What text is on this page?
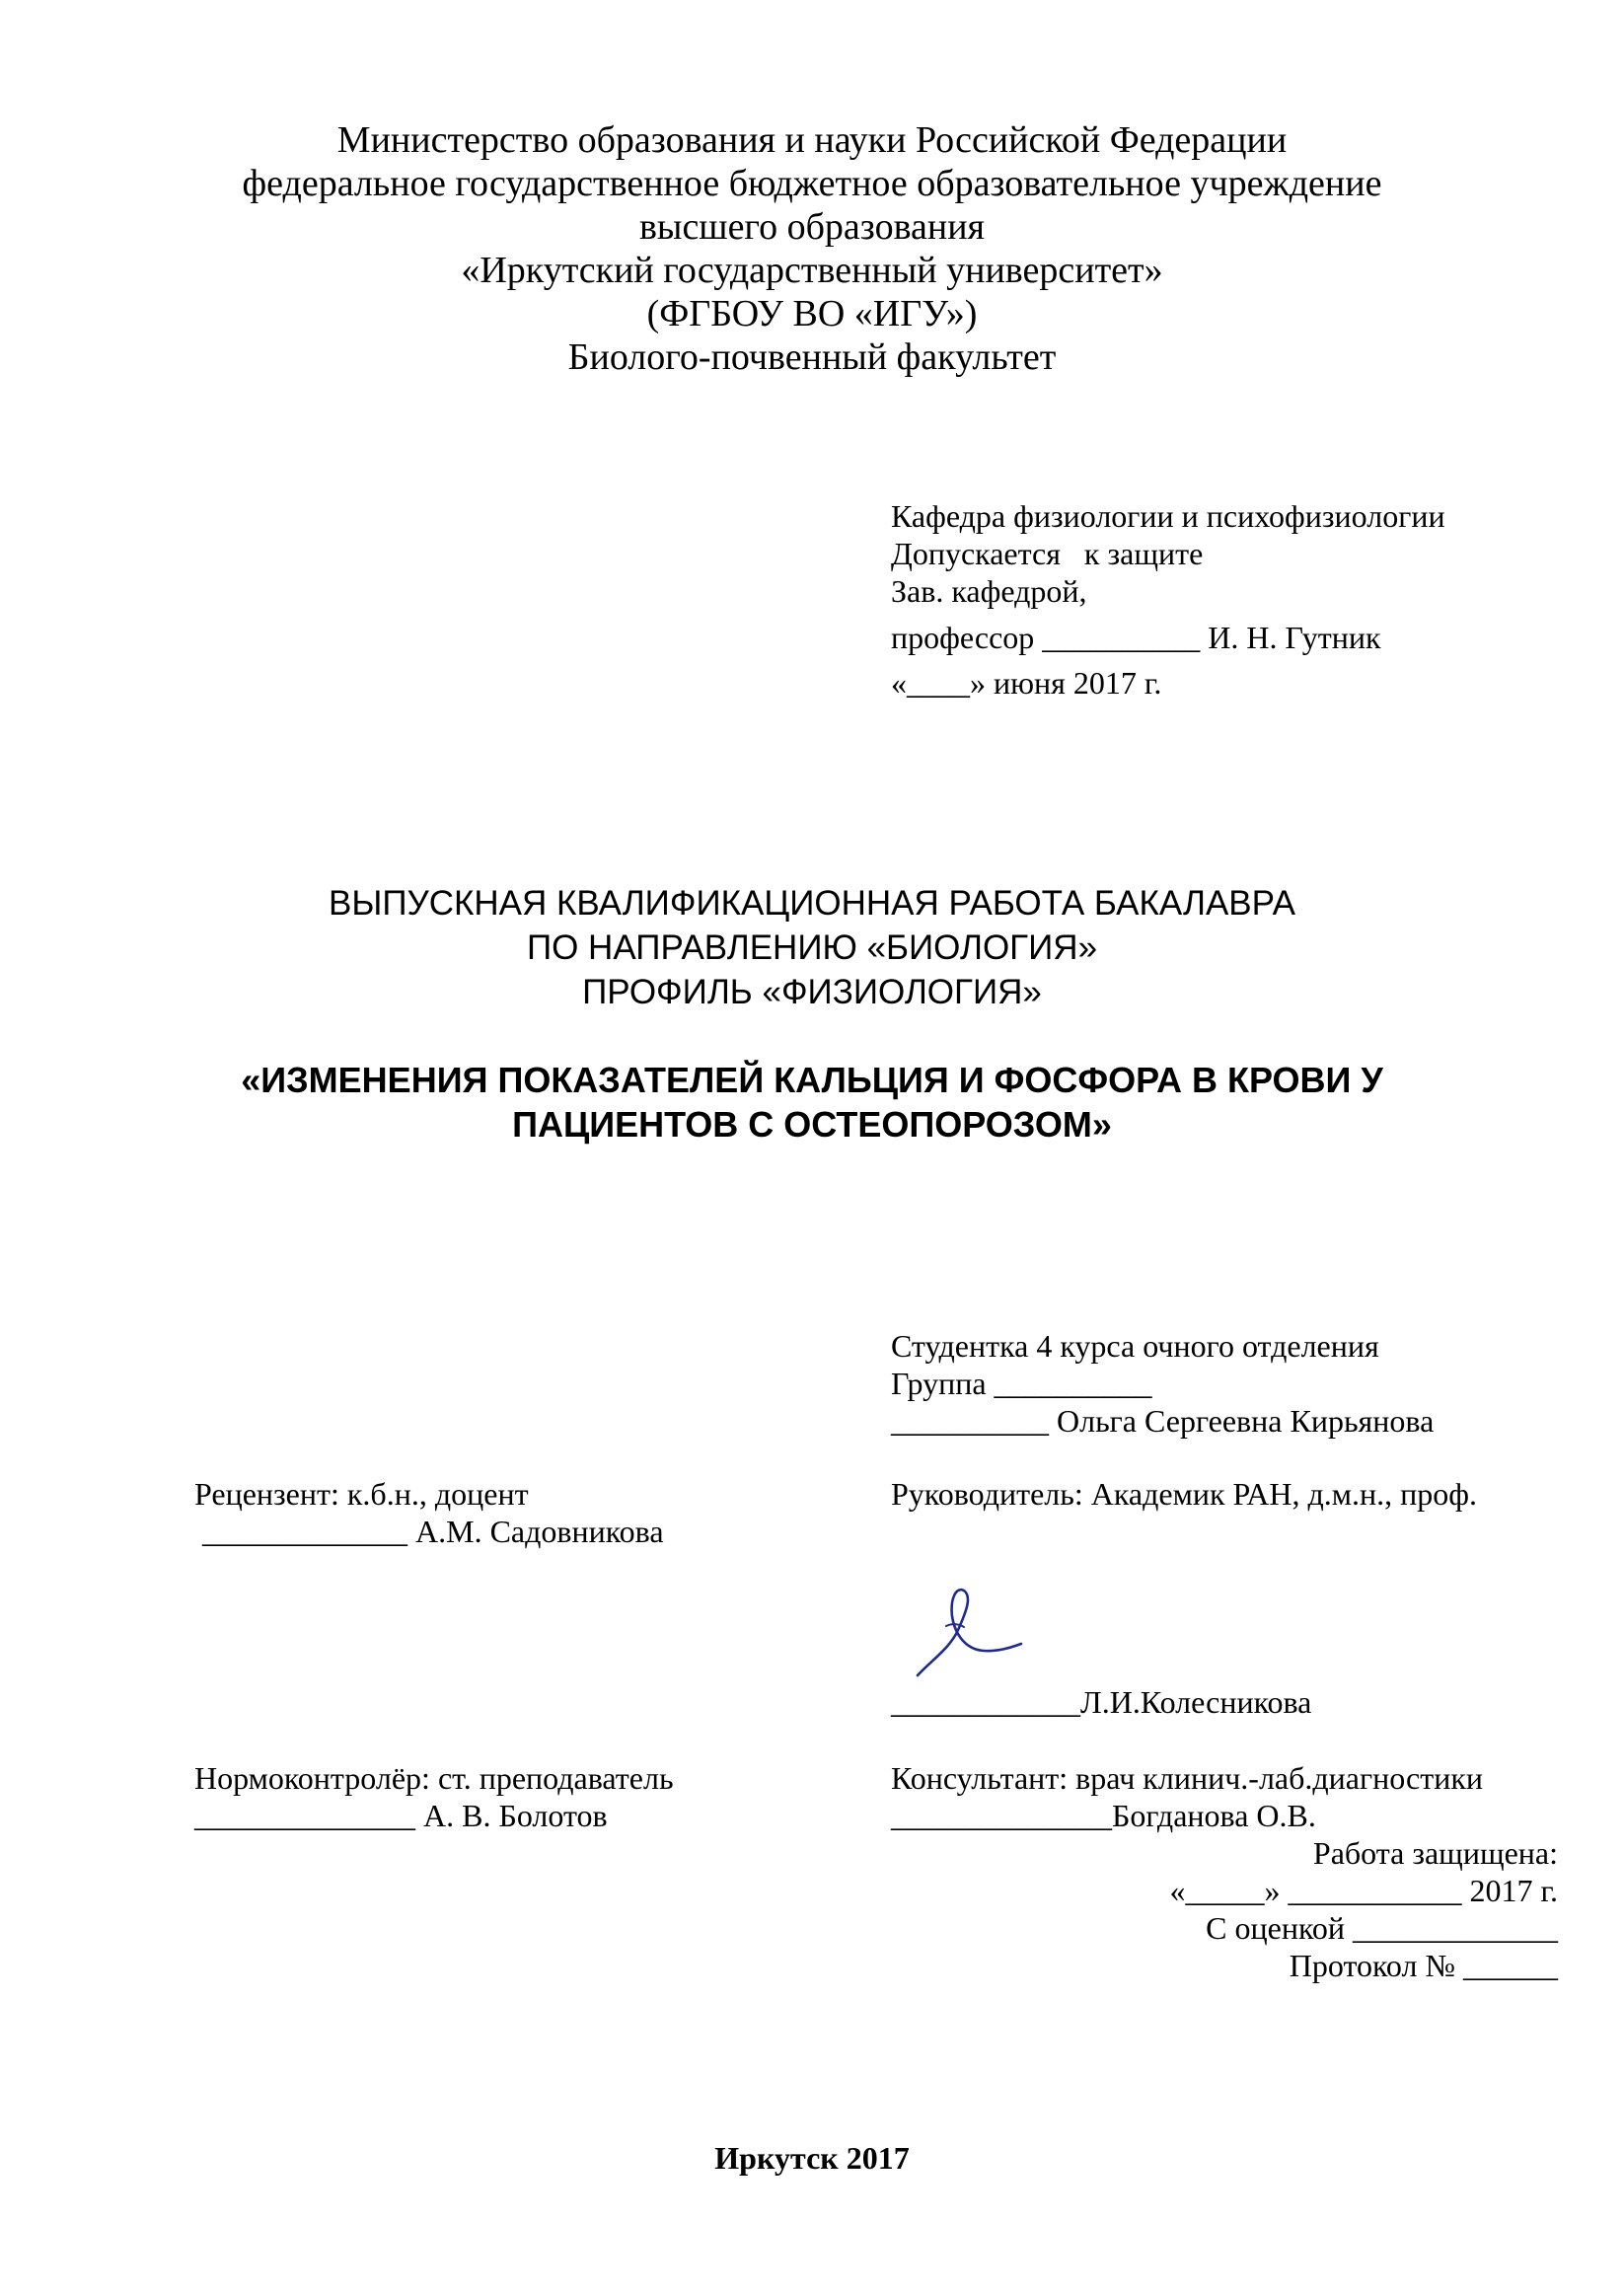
Министерство образования и науки Российской Федерации
федеральное государственное бюджетное образовательное учреждение
высшего образования
«Иркутский государственный университет»
(ФГБОУ ВО «ИГУ»)
Биолого-почвенный факультет
Кафедра физиологии и психофизиологии
Допускается   к защите
Зав. кафедрой,
профессор __________ И. Н. Гутник
«____» июня 2017 г.
ВЫПУСКНАЯ КВАЛИФИКАЦИОННАЯ РАБОТА БАКАЛАВРА
ПО НАПРАВЛЕНИЮ «БИОЛОГИЯ»
ПРОФИЛЬ «ФИЗИОЛОГИЯ»
«ИЗМЕНЕНИЯ ПОКАЗАТЕЛЕЙ КАЛЬЦИЯ И ФОСФОРА В КРОВИ У
ПАЦИЕНТОВ С ОСТЕОПОРОЗОМ»
Студентка 4 курса очного отделения
Группа __________
__________ Ольга Сергеевна Кирьянова
Рецензент: к.б.н., доцент
_____________ А.М. Садовникова
Руководитель: Академик РАН, д.м.н., проф.
____________Л.И.Колесникова
Нормоконтролёр: ст. преподаватель
______________ А. В. Болотов
Консультант: врач клинич.-лаб.диагностики
______________Богданова О.В.
Работа защищена:
«_____» ___________ 2017 г.
С оценкой _____________
Протокол № ______
Иркутск 2017
